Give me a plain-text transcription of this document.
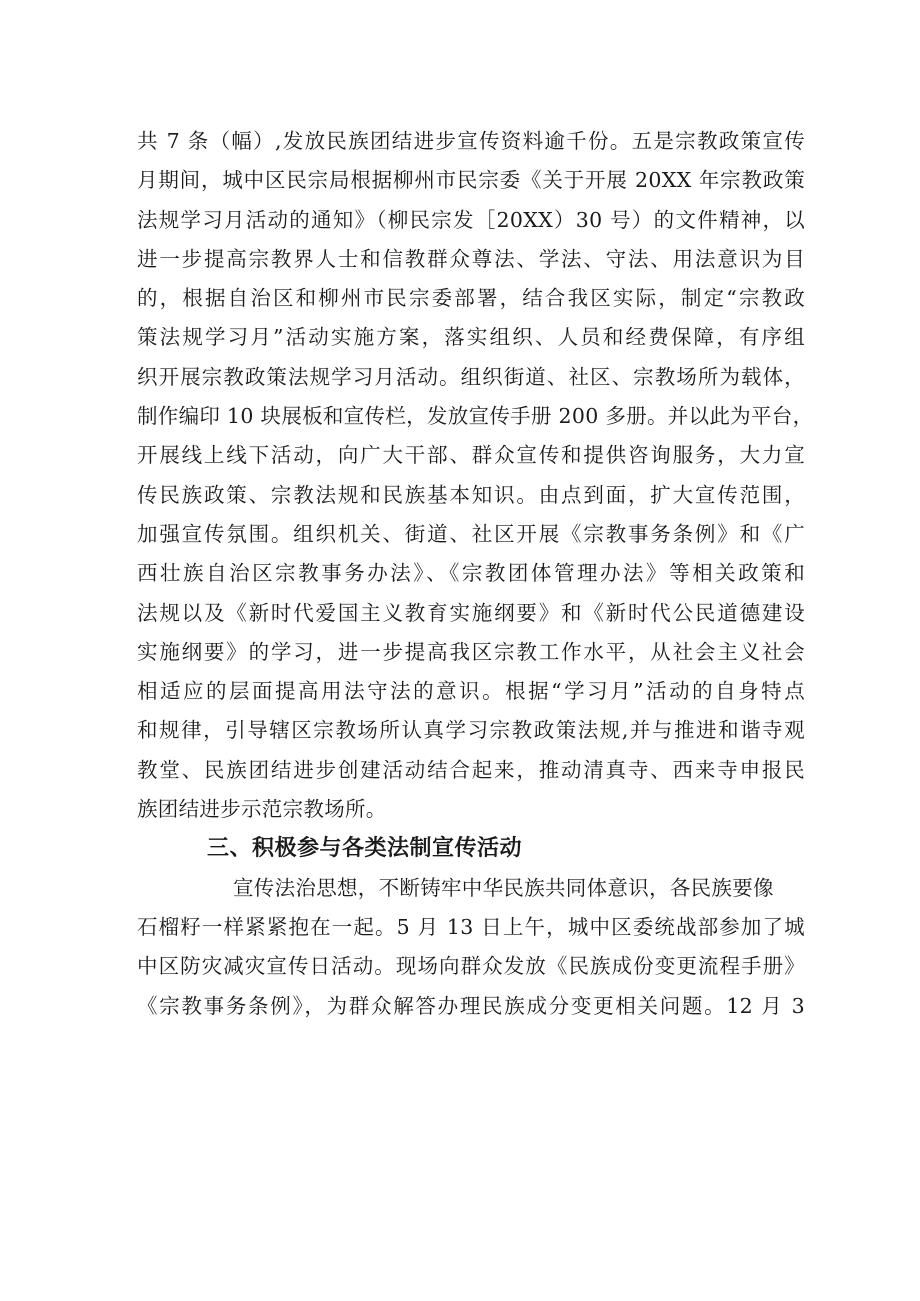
共 7 条（幅）,发放民族团结进步宣传资料逾千份。五是宗教政策宣传
月期间，城中区民宗局根据柳州市民宗委《关于开展 20XX 年宗教政策
法规学习月活动的通知》（柳民宗发［20XX）30 号）的文件精神，以
进一步提高宗教界人士和信教群众尊法、学法、守法、用法意识为目
的，根据自治区和柳州市民宗委部署，结合我区实际，制定“宗教政
策法规学习月”活动实施方案，落实组织、人员和经费保障，有序组
织开展宗教政策法规学习月活动。组织街道、社区、宗教场所为载体，
制作编印 10 块展板和宣传栏，发放宣传手册 200 多册。并以此为平台，
开展线上线下活动，向广大干部、群众宣传和提供咨询服务，大力宣
传民族政策、宗教法规和民族基本知识。由点到面，扩大宣传范围，
加强宣传氛围。组织机关、街道、社区开展《宗教事务条例》和《广
西壮族自治区宗教事务办法》、《宗教团体管理办法》等相关政策和
法规以及《新时代爱国主义教育实施纲要》和《新时代公民道德建设
实施纲要》的学习，进一步提高我区宗教工作水平，从社会主义社会
相适应的层面提高用法守法的意识。根据“学习月”活动的自身特点
和规律，引导辖区宗教场所认真学习宗教政策法规,并与推进和谐寺观
教堂、民族团结进步创建活动结合起来，推动清真寺、西来寺申报民
族团结进步示范宗教场所。
三、积极参与各类法制宣传活动
宣传法治思想，不断铸牢中华民族共同体意识，各民族要像
石榴籽一样紧紧抱在一起。5 月 13 日上午，城中区委统战部参加了城
中区防灾减灾宣传日活动。现场向群众发放《民族成份变更流程手册》
《宗教事务条例》，为群众解答办理民族成分变更相关问题。12 月 3
